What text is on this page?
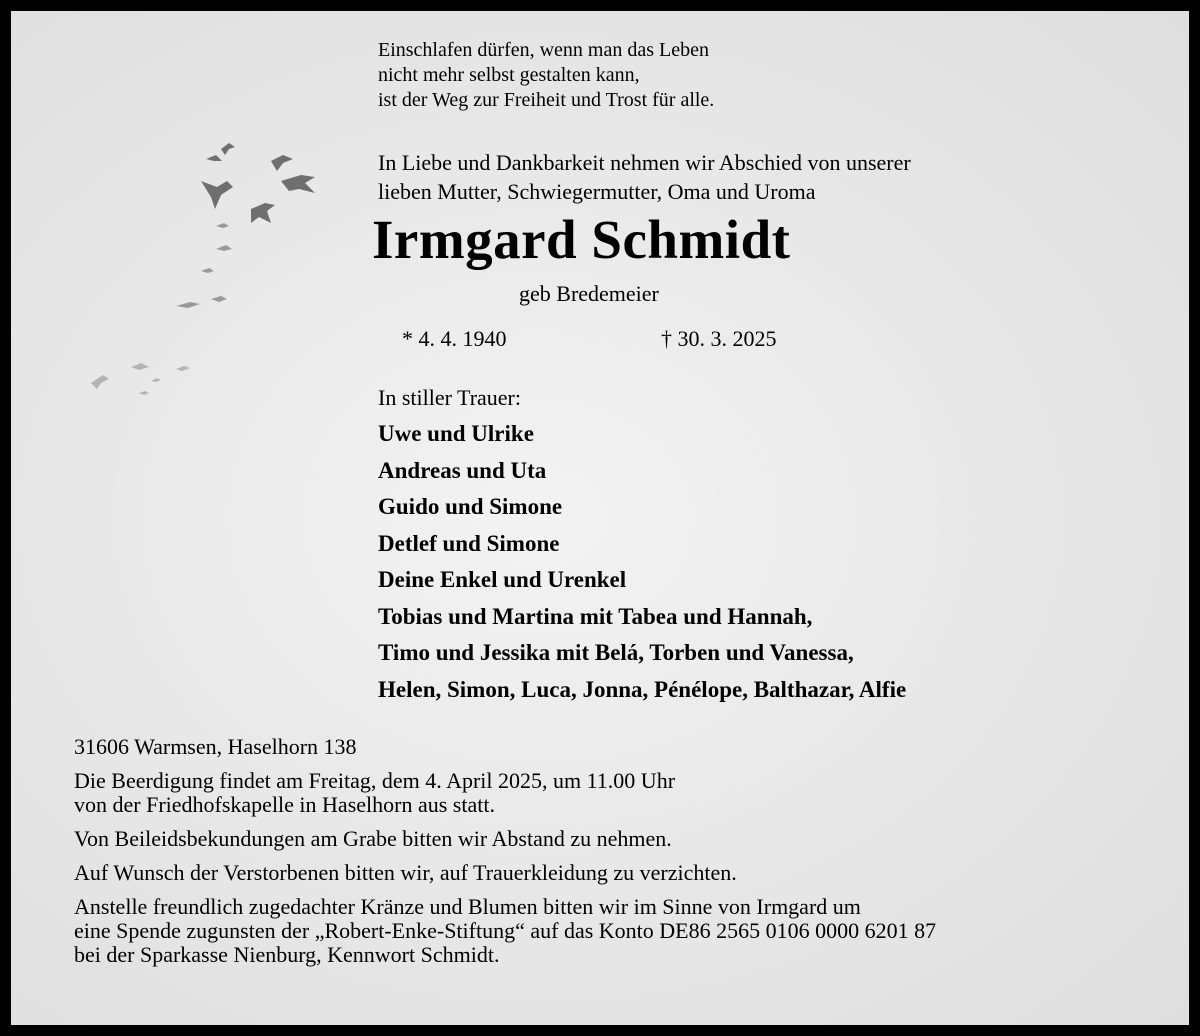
Einschlafen dürfen, wenn man das Leben
nicht mehr selbst gestalten kann,
ist der Weg zur Freiheit und Trost für alle.
In Liebe und Dankbarkeit nehmen wir Abschied von unserer
lieben Mutter, Schwiegermutter, Oma und Uroma
Irmgard Schmidt
geb Bredemeier
* 4. 4. 1940	† 30. 3. 2025
In stiller Trauer:
Uwe und Ulrike
Andreas und Uta
Guido und Simone
Detlef und Simone
Deine Enkel und Urenkel
Tobias und Martina mit Tabea und Hannah,
Timo und Jessika mit Belá, Torben und Vanessa,
Helen, Simon, Luca, Jonna, Pénélope, Balthazar, Alfie

31606 Warmsen, Haselhorn 138

Die Beerdigung findet am Freitag, dem 4. April 2025, um 11.00 Uhr
von der Friedhofskapelle in Haselhorn aus statt.

Von Beileidsbekundungen am Grabe bitten wir Abstand zu nehmen.

Auf Wunsch der Verstorbenen bitten wir, auf Trauerkleidung zu verzichten.

Anstelle freundlich zugedachter Kränze und Blumen bitten wir im Sinne von Irmgard um
eine Spende zugunsten der „Robert-Enke-Stiftung“ auf das Konto DE86 2565 0106 0000 6201 87
bei der Sparkasse Nienburg, Kennwort Schmidt.
